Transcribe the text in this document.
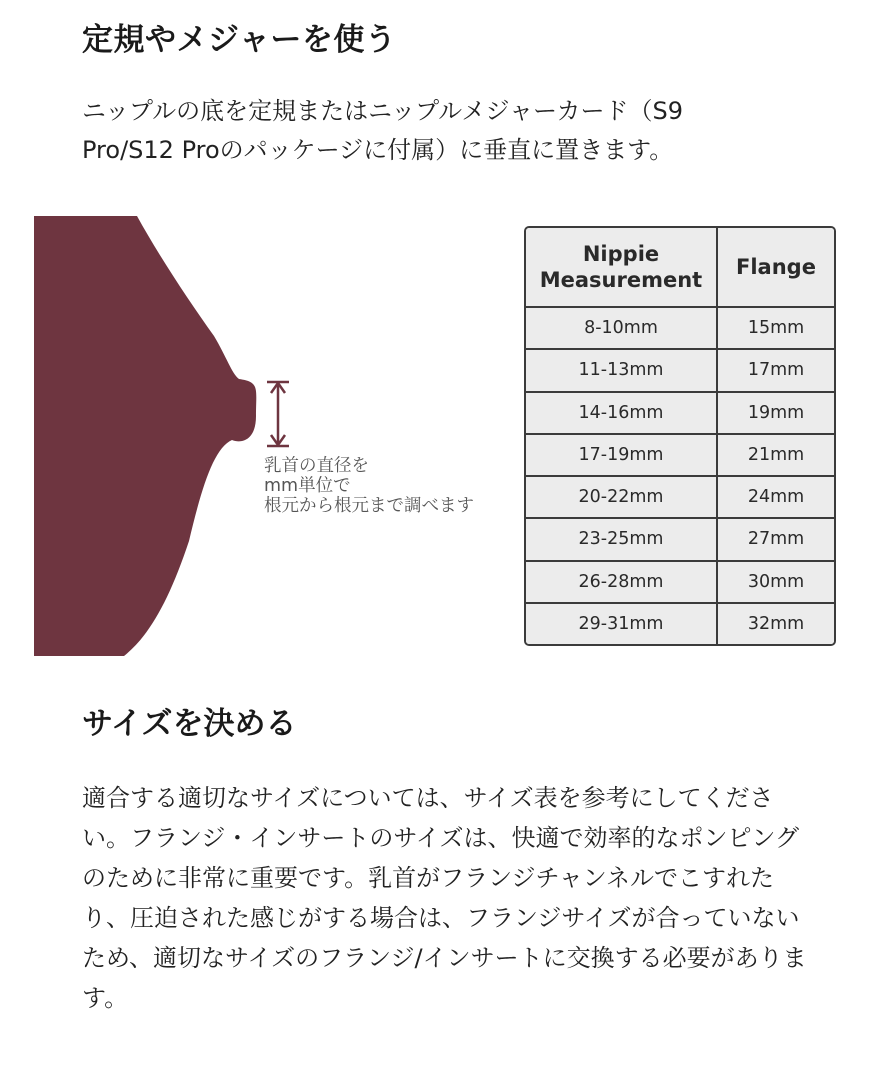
定規やメジャーを使う

ニップルの底を定規またはニップルメジャーカード（S9 Pro/S12 Proのパッケージに付属）に垂直に置きます。

乳首の直径を
mm単位で
根元から根元まで調べます
Nippie
Measurement	Flange

8-10mm	15mm
11-13mm	17mm
14-16mm	19mm
17-19mm	21mm
20-22mm	24mm
23-25mm	27mm
26-28mm	30mm
29-31mm	32mm
サイズを決める

適合する適切なサイズについては、サイズ表を参考にしてください。フランジ・インサートのサイズは、快適で効率的なポンピングのために非常に重要です。乳首がフランジチャンネルでこすれたり、圧迫された感じがする場合は、フランジサイズが合っていないため、適切なサイズのフランジ/インサートに交換する必要があります。
